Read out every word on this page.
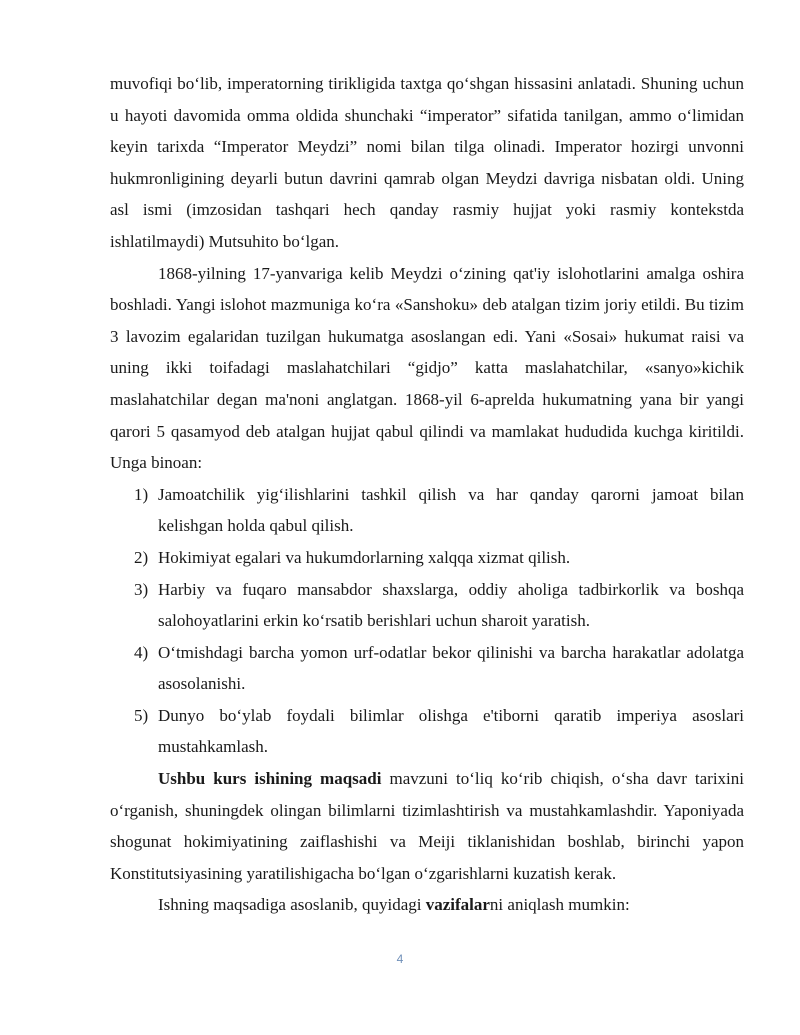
muvofiqi bo‘lib, imperatorning tirikligida taxtga qo‘shgan hissasini anlatadi. Shuning uchun u hayoti davomida omma oldida shunchaki “imperator” sifatida tanilgan, ammo o‘limidan keyin tarixda “Imperator Meydzi” nomi bilan tilga olinadi. Imperator hozirgi unvonni hukmronligining deyarli butun davrini qamrab olgan Meydzi davriga nisbatan oldi. Uning asl ismi (imzosidan tashqari hech qanday rasmiy hujjat yoki rasmiy kontekstda ishlatilmaydi) Mutsuhito bo‘lgan.

1868-yilning 17-yanvariga kelib Meydzi o‘zining qat'iy islohotlarini amalga oshira boshladi. Yangi islohot mazmuniga ko‘ra «Sanshoku» deb atalgan tizim joriy etildi. Bu tizim 3 lavozim egalaridan tuzilgan hukumatga asoslangan edi. Yani «Sosai» hukumat raisi va uning ikki toifadagi maslahatchilari “gidjo” katta maslahatchilar, «sanyo»kichik maslahatchilar degan ma'noni anglatgan. 1868-yil 6-aprelda hukumatning yana bir yangi qarori 5 qasamyod deb atalgan hujjat qabul qilindi va mamlakat hududida kuchga kiritildi. Unga binoan:

1) Jamoatchilik yig‘ilishlarini tashkil qilish va har qanday qarorni jamoat bilan kelishgan holda qabul qilish.
2) Hokimiyat egalari va hukumdorlarning xalqqa xizmat qilish.
3) Harbiy va fuqaro mansabdor shaxslarga, oddiy aholiga tadbirkorlik va boshqa salohoyatlarini erkin ko‘rsatib berishlari uchun sharoit yaratish.
4) O‘tmishdagi barcha yomon urf-odatlar bekor qilinishi va barcha harakatlar adolatga asosolanishi.
5) Dunyo bo‘ylab foydali bilimlar olishga e'tiborni qaratib imperiya asoslari mustahkamlash.

Ushbu kurs ishining maqsadi mavzuni to‘liq ko‘rib chiqish, o‘sha davr tarixini o‘rganish, shuningdek olingan bilimlarni tizimlashtirish va mustahkamlashdir. Yaponiyada shogunat hokimiyatining zaiflashishi va Meiji tiklanishidan boshlab, birinchi yapon Konstitutsiyasining yaratilishigacha bo‘lgan o‘zgarishlarni kuzatish kerak.

Ishning maqsadiga asoslanib, quyidagi vazifalarni aniqlash mumkin:

4
